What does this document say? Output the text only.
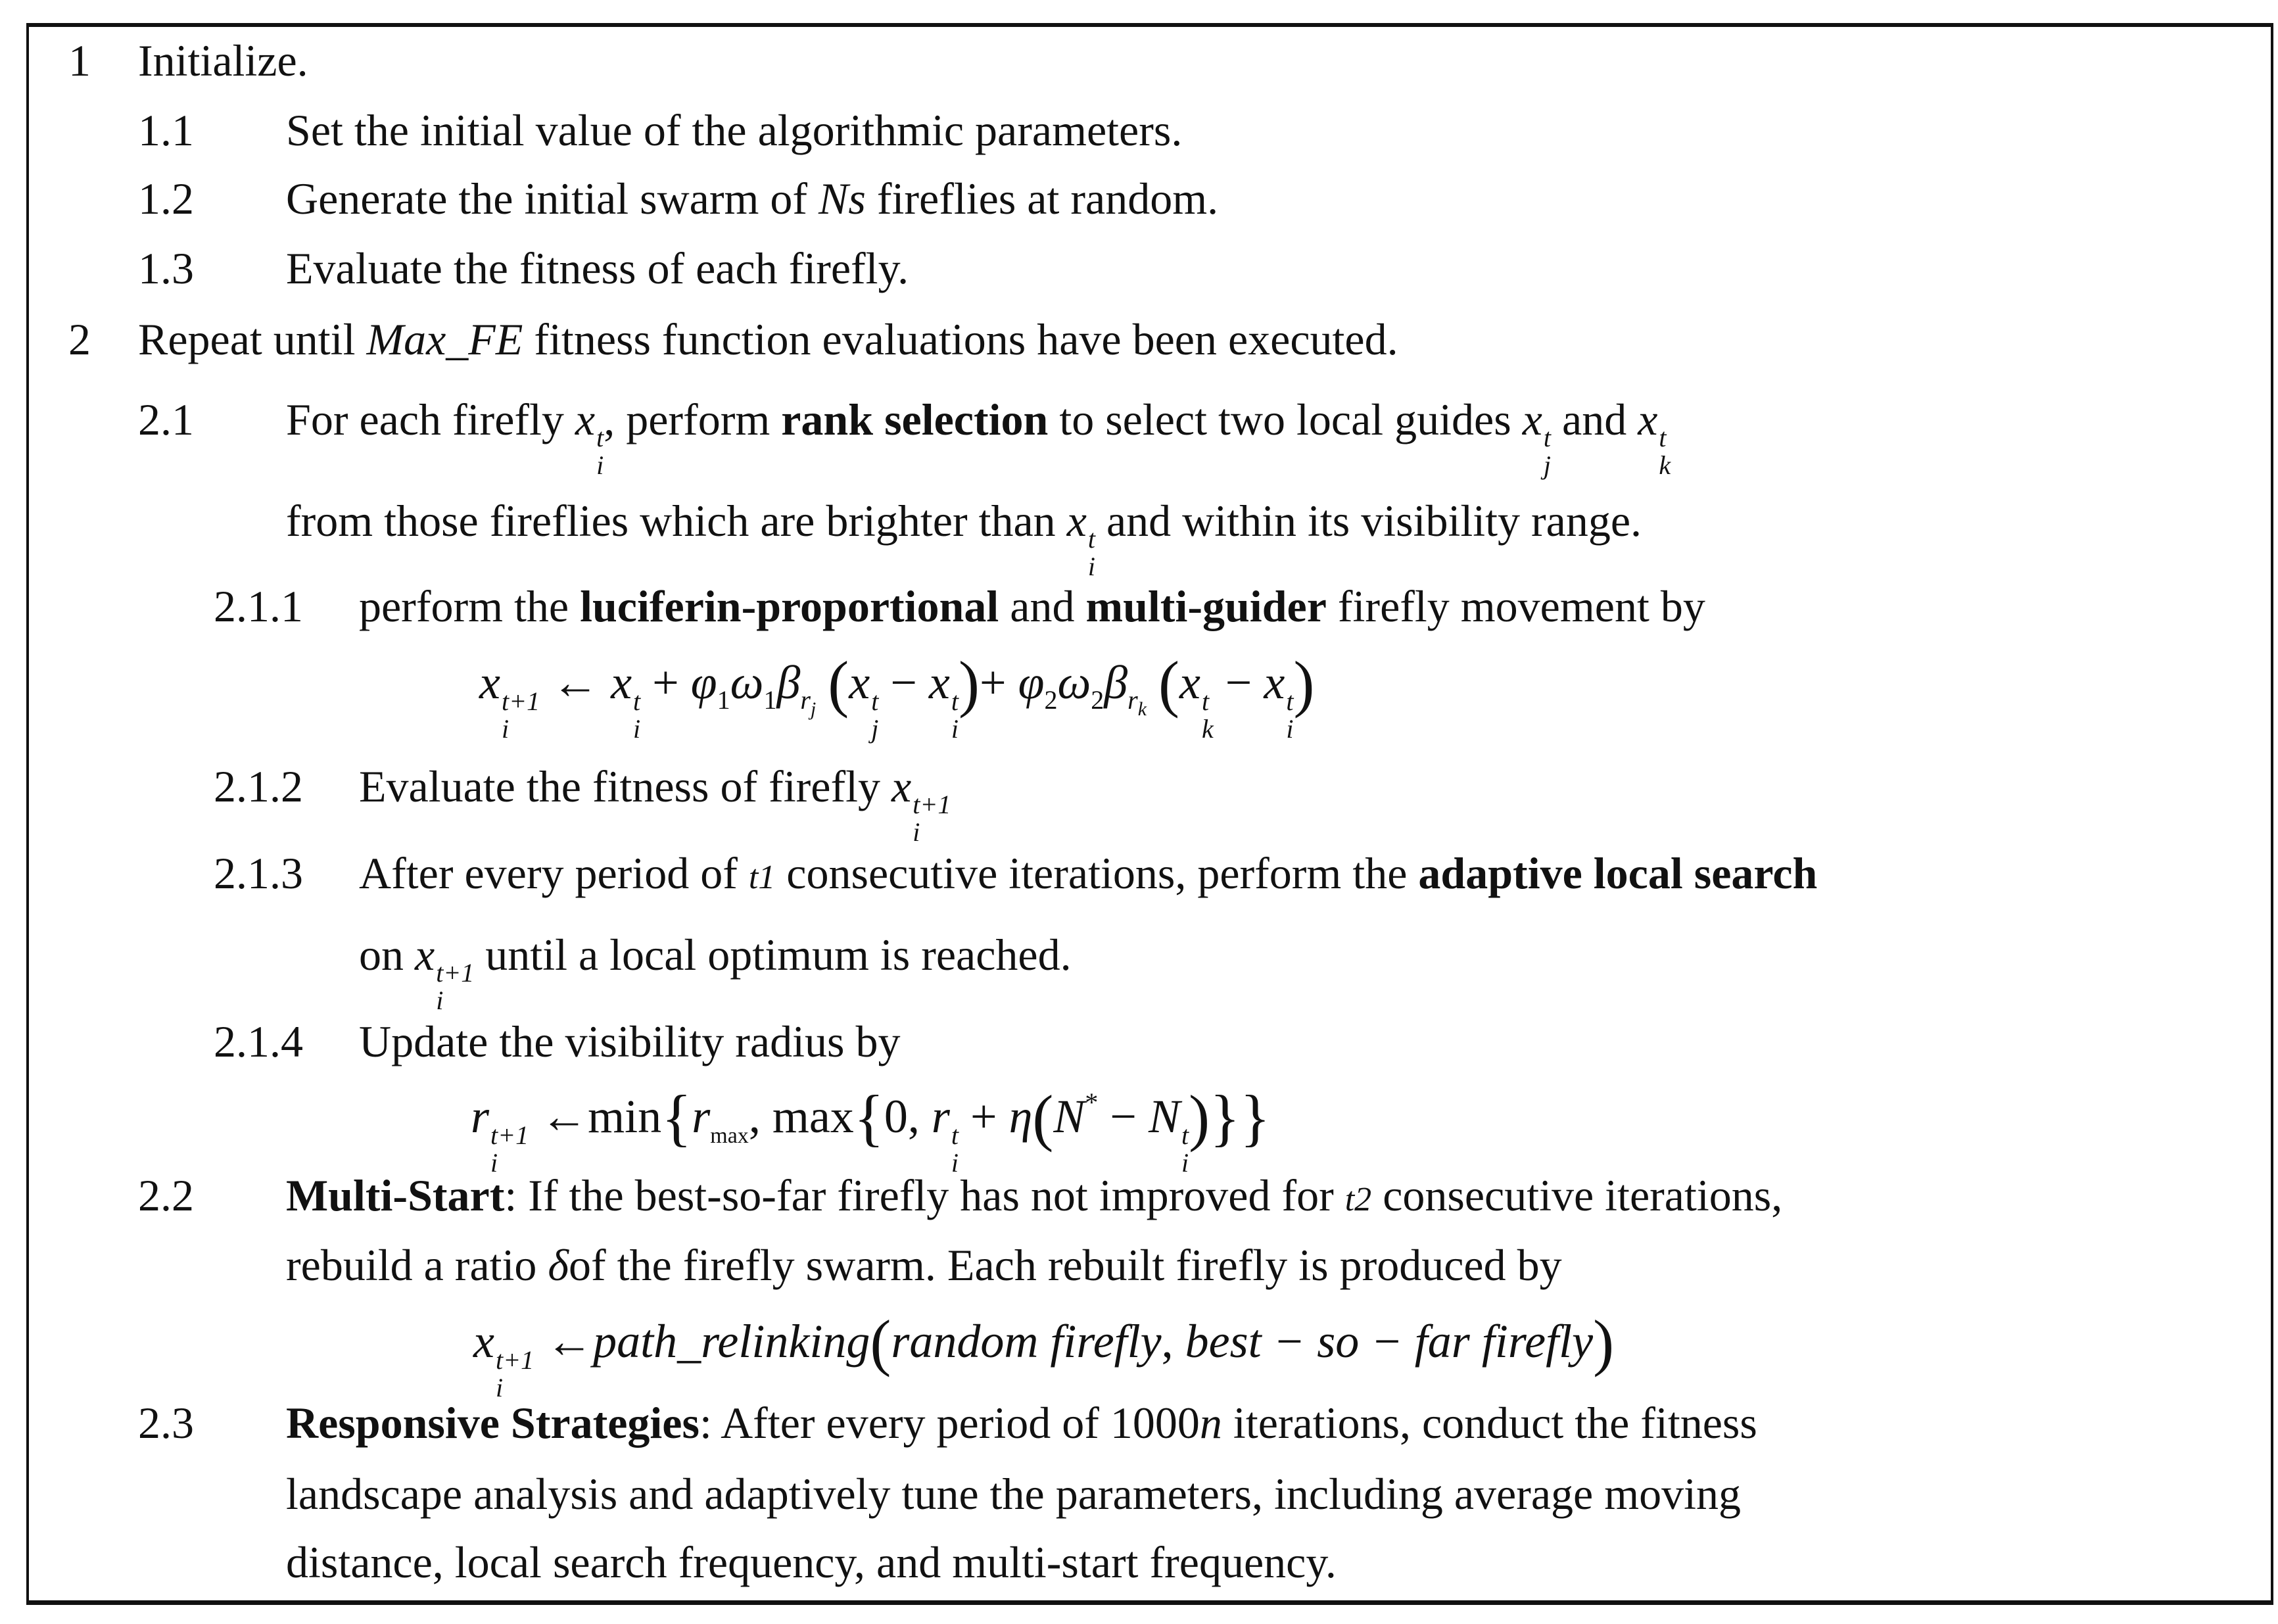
1 Initialize.
1.1 Set the initial value of the algorithmic parameters.
1.2 Generate the initial swarm of Ns fireflies at random.
1.3 Evaluate the fitness of each firefly.
2 Repeat until Max_FE fitness function evaluations have been executed.
2.1 For each firefly x t
i
, perform rank selection to select two local guides x t
j
and x t
k
from those fireflies which are brighter than x t
i
and within its visibility range.
2.1.1 perform the luciferin-proportional and multi-guider firefly movement by
x t+1
i
← x t
i
+ $\varphi_1\omega_1\beta_{rj}$ (x t
j
− x t
i
)+ $\varphi_2\omega_2\beta_{rk}$ (x t
k
− x t
i
)
2.1.2 Evaluate the fitness of firefly x t+1
i
2.1.3 After every period of t1 consecutive iterations, perform the adaptive local search
on x t+1
i
until a local optimum is reached.
2.1.4 Update the visibility radius by
r t+1
i
$\leftarrow\min\{r_{max}$, max{0, r t
i
+ η(N* − N t
i
)}}
2.2 Multi-Start: If the best-so-far firefly has not improved for t2 consecutive iterations,
rebuild a ratio δof the firefly swarm. Each rebuilt firefly is produced by
x t+1
i
←path_relinking(random firefly, best − so − far firefly)
2.3 Responsive Strategies: After every period of 1000n iterations, conduct the fitness
landscape analysis and adaptively tune the parameters, including average moving
distance, local search frequency, and multi-start frequency.
